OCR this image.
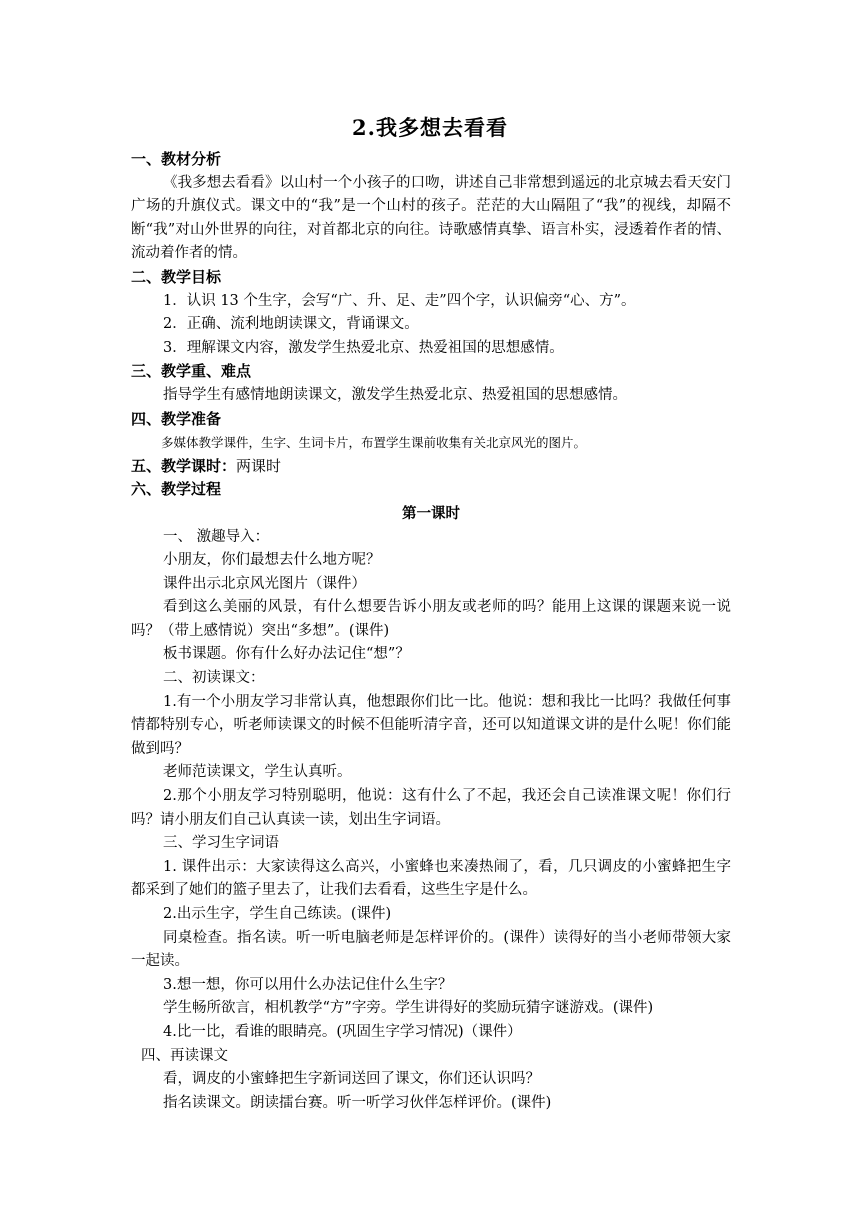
2.我多想去看看
一、教材分析
《我多想去看看》以山村一个小孩子的口吻，讲述自己非常想到遥远的北京城去看天安门广场的升旗仪式。课文中的“我”是一个山村的孩子。茫茫的大山隔阻了“我”的视线，却隔不断“我”对山外世界的向往，对首都北京的向往。诗歌感情真挚、语言朴实，浸透着作者的情、流动着作者的情。
二、教学目标
1．认识 13 个生字，会写“广、升、足、走”四个字，认识偏旁“心、方”。
2．正确、流利地朗读课文，背诵课文。
3．理解课文内容，激发学生热爱北京、热爱祖国的思想感情。
三、教学重、难点
指导学生有感情地朗读课文，激发学生热爱北京、热爱祖国的思想感情。
四、教学准备
多媒体教学课件，生字、生词卡片，布置学生课前收集有关北京风光的图片。
五、教学课时：两课时
六、教学过程
第一课时
一、 激趣导入：
小朋友，你们最想去什么地方呢？
课件出示北京风光图片（课件）
看到这么美丽的风景，有什么想要告诉小朋友或老师的吗？能用上这课的课题来说一说吗？（带上感情说）突出“多想”。(课件)
板书课题。你有什么好办法记住“想”？
二、初读课文：
1.有一个小朋友学习非常认真，他想跟你们比一比。他说：想和我比一比吗？我做任何事情都特别专心，听老师读课文的时候不但能听清字音，还可以知道课文讲的是什么呢！你们能做到吗？
老师范读课文，学生认真听。
2.那个小朋友学习特别聪明，他说：这有什么了不起，我还会自己读准课文呢！你们行吗？请小朋友们自己认真读一读，划出生字词语。
三、学习生字词语
1. 课件出示：大家读得这么高兴，小蜜蜂也来凑热闹了，看，几只调皮的小蜜蜂把生字都采到了她们的篮子里去了，让我们去看看，这些生字是什么。
2.出示生字，学生自己练读。(课件)
同桌检查。指名读。听一听电脑老师是怎样评价的。(课件）读得好的当小老师带领大家一起读。
3.想一想，你可以用什么办法记住什么生字？
学生畅所欲言，相机教学“方”字旁。学生讲得好的奖励玩猜字谜游戏。(课件)
4.比一比，看谁的眼睛亮。(巩固生字学习情况)（课件）
四、再读课文
看，调皮的小蜜蜂把生字新词送回了课文，你们还认识吗？
指名读课文。朗读擂台赛。听一听学习伙伴怎样评价。(课件)
